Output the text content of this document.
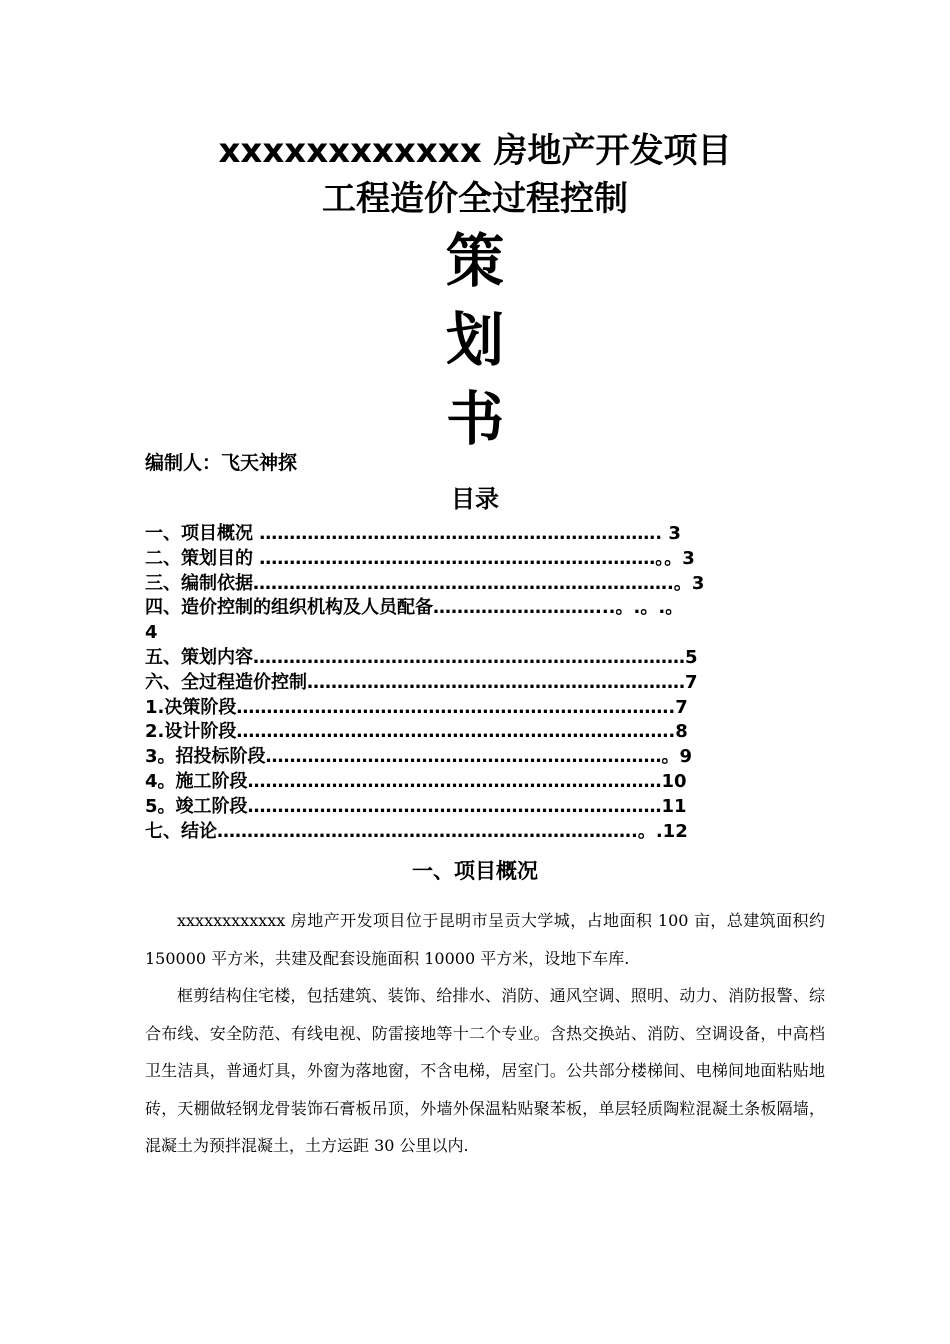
xxxxxxxxxxxx 房地产开发项目
工程造价全过程控制
策
划
书
编制人：飞天神探
目录
一、项目概况 …………………………………………………………. 3
二、策划目的 …………………………………………………………。。3
三、编制依据…………………………………………………………….。3
四、造价控制的组织机构及人员配备………………………...。.。.。
4
五、策划内容………………………………………………………………5
六、全过程造价控制………………………………………………………7
1.决策阶段……………………………………………………………….7
2.设计阶段……………………………………………………………….8
3。招投标阶段…………………………………………………………。9
4。施工阶段……………………………………………………………10
5。竣工阶段……………………………………………………………11
七、结论…………………………………………………………….。.12
一、项目概况

xxxxxxxxxxxx 房地产开发项目位于昆明市呈贡大学城，占地面积 100 亩，总建筑面积约 150000 平方米，共建及配套设施面积 10000 平方米，设地下车库.

框剪结构住宅楼，包括建筑、装饰、给排水、消防、通风空调、照明、动力、消防报警、综合布线、安全防范、有线电视、防雷接地等十二个专业。含热交换站、消防、空调设备，中高档卫生洁具，普通灯具，外窗为落地窗，不含电梯，居室门。公共部分楼梯间、电梯间地面粘贴地砖，天棚做轻钢龙骨装饰石膏板吊顶，外墙外保温粘贴聚苯板，单层轻质陶粒混凝土条板隔墙，混凝土为预拌混凝土，土方运距 30 公里以内.
